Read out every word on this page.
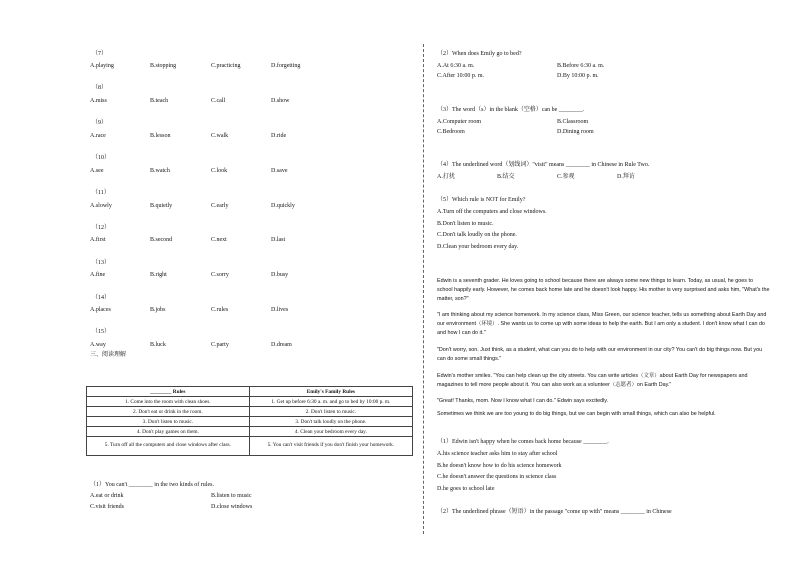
（7）
A.playing	B.stopping	C.practicing	D.forgetting
（8）
A.miss	B.teach	C.call	D.show
（9）
A.race	B.lesson	C.walk	D.ride
（10）
A.see	B.watch	C.look	D.save
（11）
A.slowly	B.quietly	C.early	D.quickly
（12）
A.first	B.second	C.next	D.last
（13）
A.fine	B.right	C.sorry	D.busy
（14）
A.places	B.jobs	C.rules	D.lives
（15）
A.way	B.luck	C.party	D.dream
三、阅读理解
________ Rules	Emily's Family Rules
1. Come into the room with clean shoes.	1. Get up before 6:30 a. m. and go to bed by 10:00 p. m.
2. Don't eat or drink in the room.	2. Don't listen to music.
3. Don't listen to music.	3. Don't talk loudly on the phone.
4. Don't play games on them.	4. Clean your bedroom every day.
5. Turn off all the computers and close windows after class.	5. You can't visit friends if you don't finish your homework.
（1）You can't ________ in the two kinds of rules.
A.eat or drink	B.listen to music
C.visit friends	D.close windows
（2）When does Emily go to bed?
A.At 6:30 a. m.	B.Before 6:30 a. m.
C.After 10:00 p. m.	D.By 10:00 p. m.
（3）The word（s）in the blank（空格）can be ________.
A.Computer room	B.Classroom
C.Bedroom	D.Dining room
（4）The underlined word（划线词）"visit" means ________ in Chinese in Rule Two.
A.打扰	B.结交	C.参观	D.拜访
（5）Which rule is NOT for Emily?
A.Turn off the computers and close windows.
B.Don't listen to music.
C.Don't talk loudly on the phone.
D.Clean your bedroom every day.
Edwin is a seventh grader. He loves going to school because there are always some new things to learn. Today, as usual, he goes to school happily early. However, he comes back home late and he doesn't look happy. His mother is very surprised and asks him, "What's the matter, son?"
"I am thinking about my science homework. In my science class, Miss Green, our science teacher, tells us something about Earth Day and our environment（环境）. She wants us to come up with some ideas to help the earth. But I am only a student. I don't know what I can do and how I can do it."
"Don't worry, son. Just think, as a student, what can you do to help with our environment in our city? You can't do big things now. But you can do some small things."
Edwin's mother smiles. "You can help clean up the city streets. You can write articles（文章）about Earth Day for newspapers and magazines to tell more people about it. You can also work as a volunteer（志愿者）on Earth Day."
"Great! Thanks, mom. Now I know what I can do." Edwin says excitedly.
Sometimes we think we are too young to do big things, but we can begin with small things, which can also be helpful.
（1）Edwin isn't happy when he comes back home because ________.
A.his science teacher asks him to stay after school
B.he doesn't know how to do his science homework
C.he doesn't answer the questions in science class
D.he goes to school late
（2）The underlined phrase（短语）in the passage "come up with" means ________ in Chinese
